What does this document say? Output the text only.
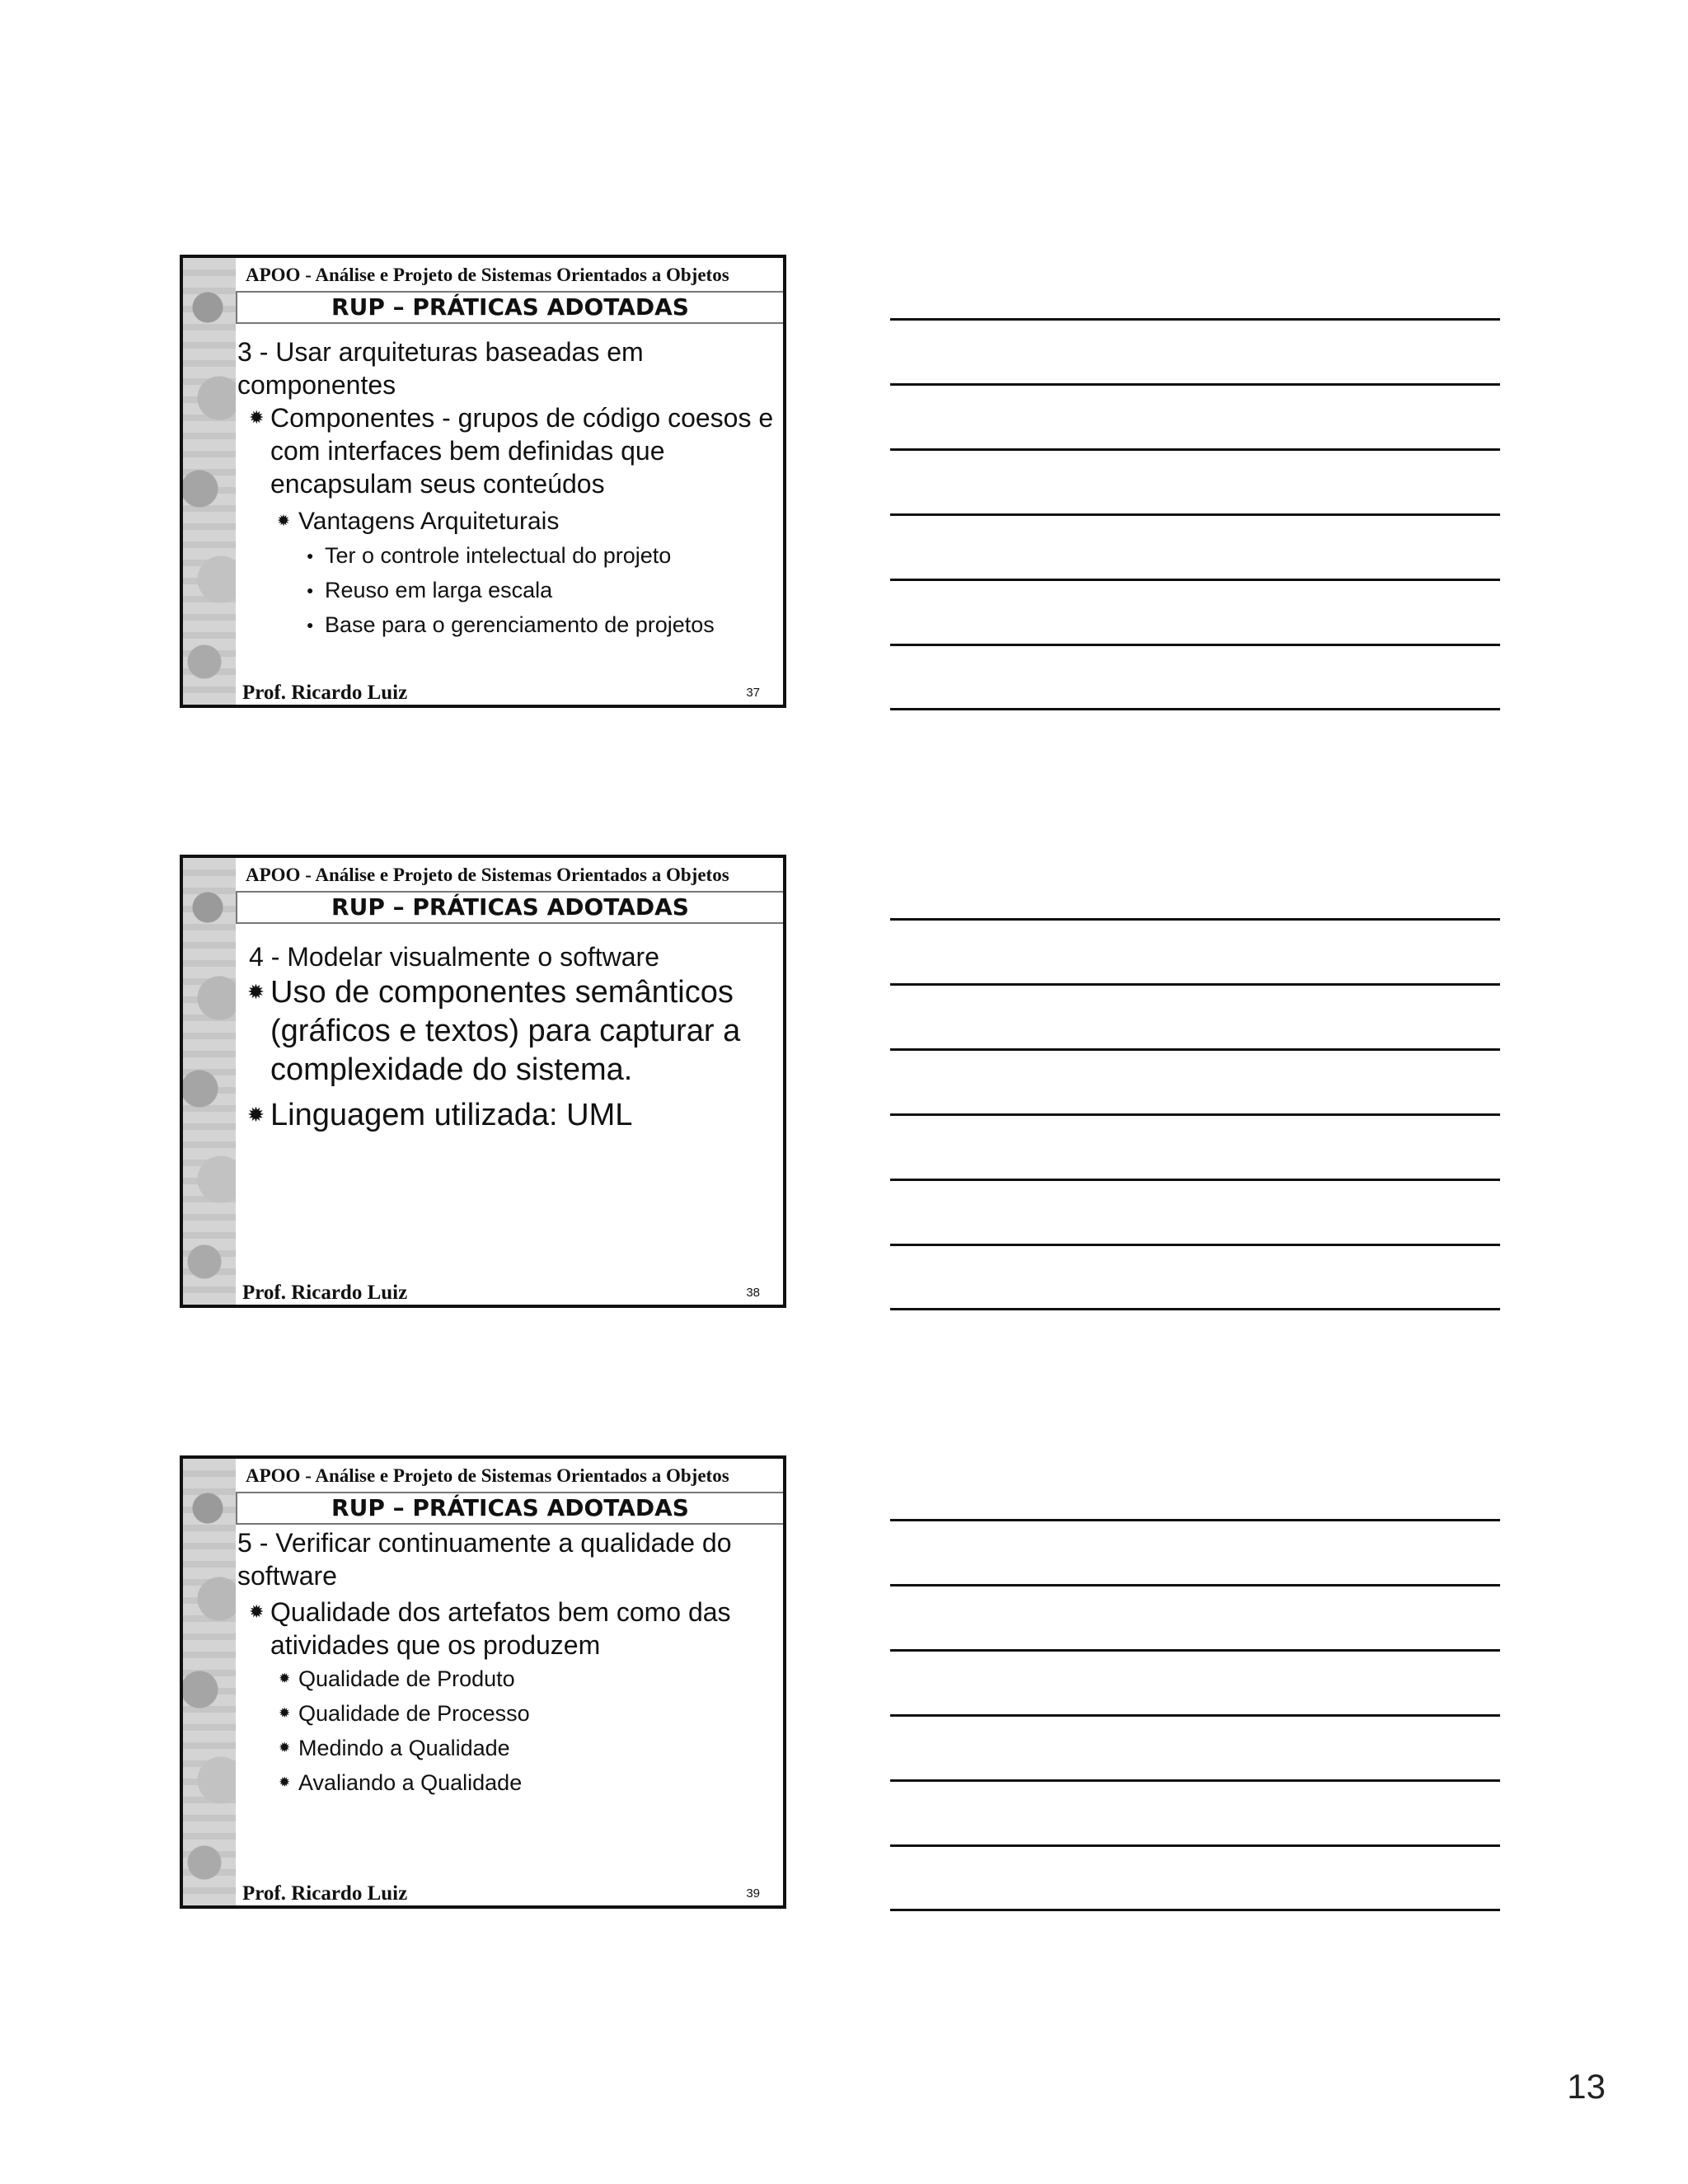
APOO - Análise e Projeto de Sistemas Orientados a Objetos
RUP – PRÁTICAS ADOTADAS

3 - Usar arquiteturas baseadas em componentes

✹ Componentes - grupos de código coesos e com interfaces bem definidas que encapsulam seus conteúdos
✹ Vantagens Arquiteturais
● Ter o controle intelectual do projeto
● Reuso em larga escala
● Base para o gerenciamento de projetos
Prof. Ricardo Luiz	37
APOO - Análise e Projeto de Sistemas Orientados a Objetos
RUP – PRÁTICAS ADOTADAS

4 - Modelar visualmente o software

✹ Uso de componentes semânticos (gráficos e textos) para capturar a complexidade do sistema.
✹ Linguagem utilizada: UML
Prof. Ricardo Luiz	38
APOO - Análise e Projeto de Sistemas Orientados a Objetos
RUP – PRÁTICAS ADOTADAS

5 - Verificar continuamente a qualidade do software

✹ Qualidade dos artefatos bem como das atividades que os produzem
✹ Qualidade de Produto
✹ Qualidade de Processo
✹ Medindo a Qualidade
✹ Avaliando a Qualidade
Prof. Ricardo Luiz	39
13
